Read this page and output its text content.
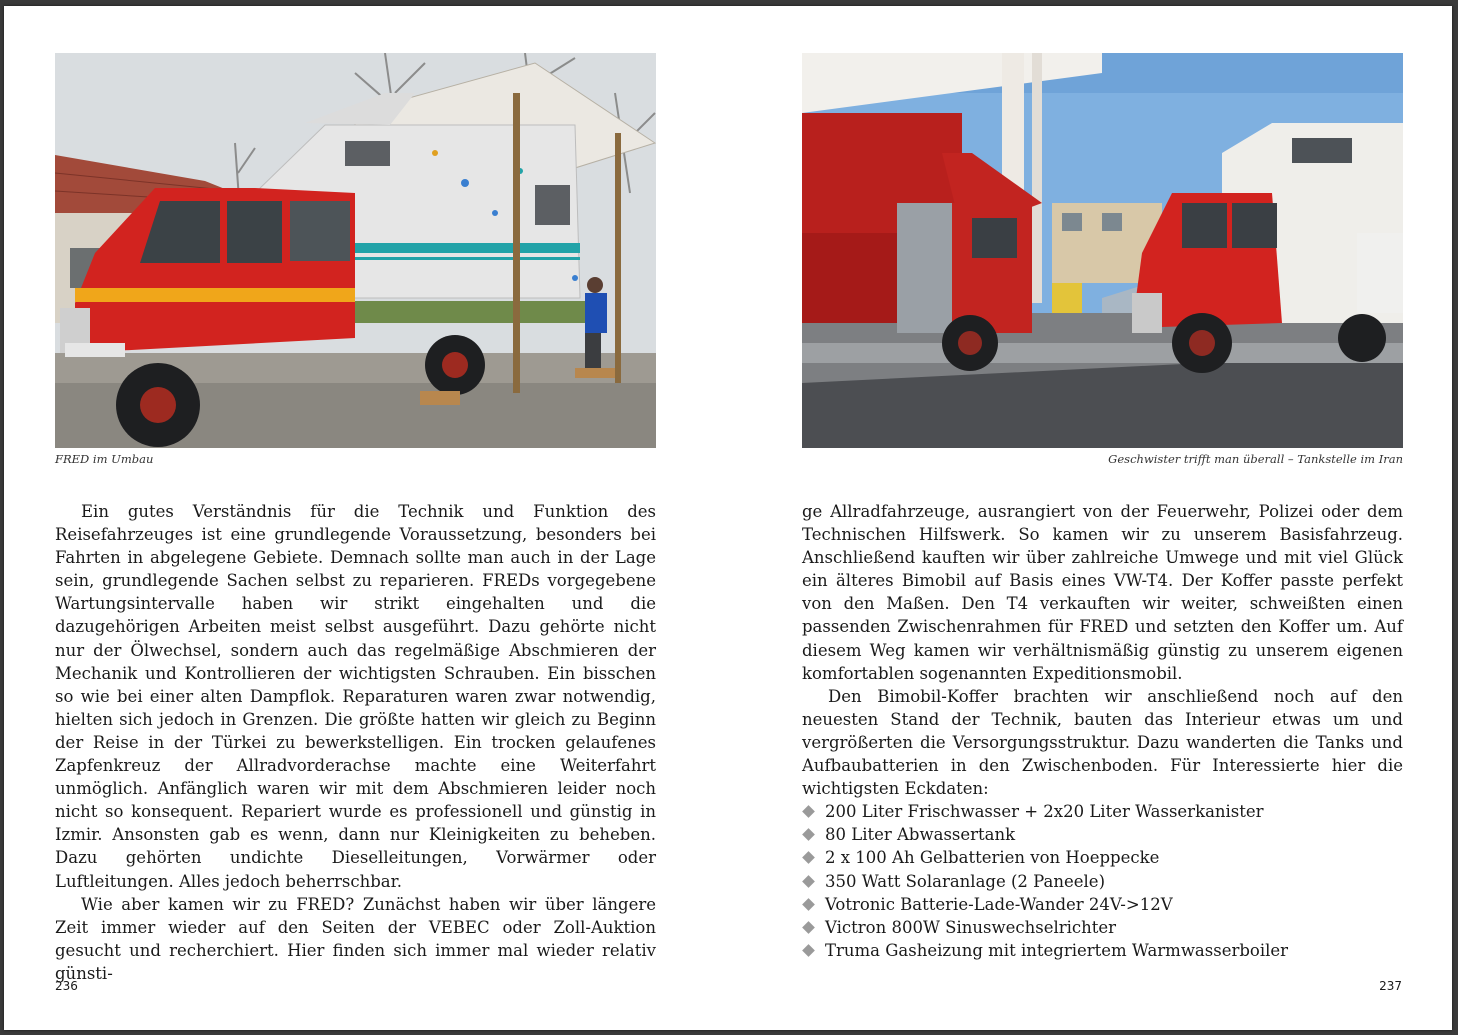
FRED im Umbau

Ein gutes Verständnis für die Technik und Funktion des Reisefahrzeuges ist eine grundlegende Voraussetzung, besonders bei Fahrten in abgelegene Gebiete. Demnach sollte man auch in der Lage sein, grundlegende Sachen selbst zu reparieren. FREDs vorgegebene Wartungsintervalle haben wir strikt eingehalten und die dazugehörigen Arbeiten meist selbst ausgeführt. Dazu gehörte nicht nur der Ölwechsel, sondern auch das regelmäßige Abschmieren der Mechanik und Kontrollieren der wichtigsten Schrauben. Ein bisschen so wie bei einer alten Dampflok. Reparaturen waren zwar notwendig, hielten sich jedoch in Grenzen. Die größte hatten wir gleich zu Beginn der Reise in der Türkei zu bewerkstelligen. Ein trocken gelaufenes Zapfenkreuz der Allradvorderachse machte eine Weiterfahrt unmöglich. Anfänglich waren wir mit dem Abschmieren leider noch nicht so konsequent. Repariert wurde es professionell und günstig in Izmir. Ansonsten gab es wenn, dann nur Kleinigkeiten zu beheben. Dazu gehörten undichte Dieselleitungen, Vorwärmer oder Luftleitungen. Alles jedoch beherrschbar.

Wie aber kamen wir zu FRED? Zunächst haben wir über längere Zeit immer wieder auf den Seiten der VEBEC oder Zoll-Auktion gesucht und recherchiert. Hier finden sich immer mal wieder relativ günsti-

236
Geschwister trifft man überall – Tankstelle im Iran

ge Allradfahrzeuge, ausrangiert von der Feuerwehr, Polizei oder dem Technischen Hilfswerk. So kamen wir zu unserem Basisfahrzeug. Anschließend kauften wir über zahlreiche Umwege und mit viel Glück ein älteres Bimobil auf Basis eines VW-T4. Der Koffer passte perfekt von den Maßen. Den T4 verkauften wir weiter, schweißten einen passenden Zwischenrahmen für FRED und setzten den Koffer um. Auf diesem Weg kamen wir verhältnismäßig günstig zu unserem eigenen komfortablen sogenannten Expeditionsmobil.

Den Bimobil-Koffer brachten wir anschließend noch auf den neuesten Stand der Technik, bauten das Interieur etwas um und vergrößerten die Versorgungsstruktur. Dazu wanderten die Tanks und Aufbaubatterien in den Zwischenboden. Für Interessierte hier die wichtigsten Eckdaten:

200 Liter Frischwasser + 2x20 Liter Wasserkanister
80 Liter Abwassertank
2 x 100 Ah Gelbatterien von Hoeppecke
350 Watt Solaranlage (2 Paneele)
Votronic Batterie-Lade-Wander 24V->12V
Victron 800W Sinuswechselrichter
Truma Gasheizung mit integriertem Warmwasserboiler
237
